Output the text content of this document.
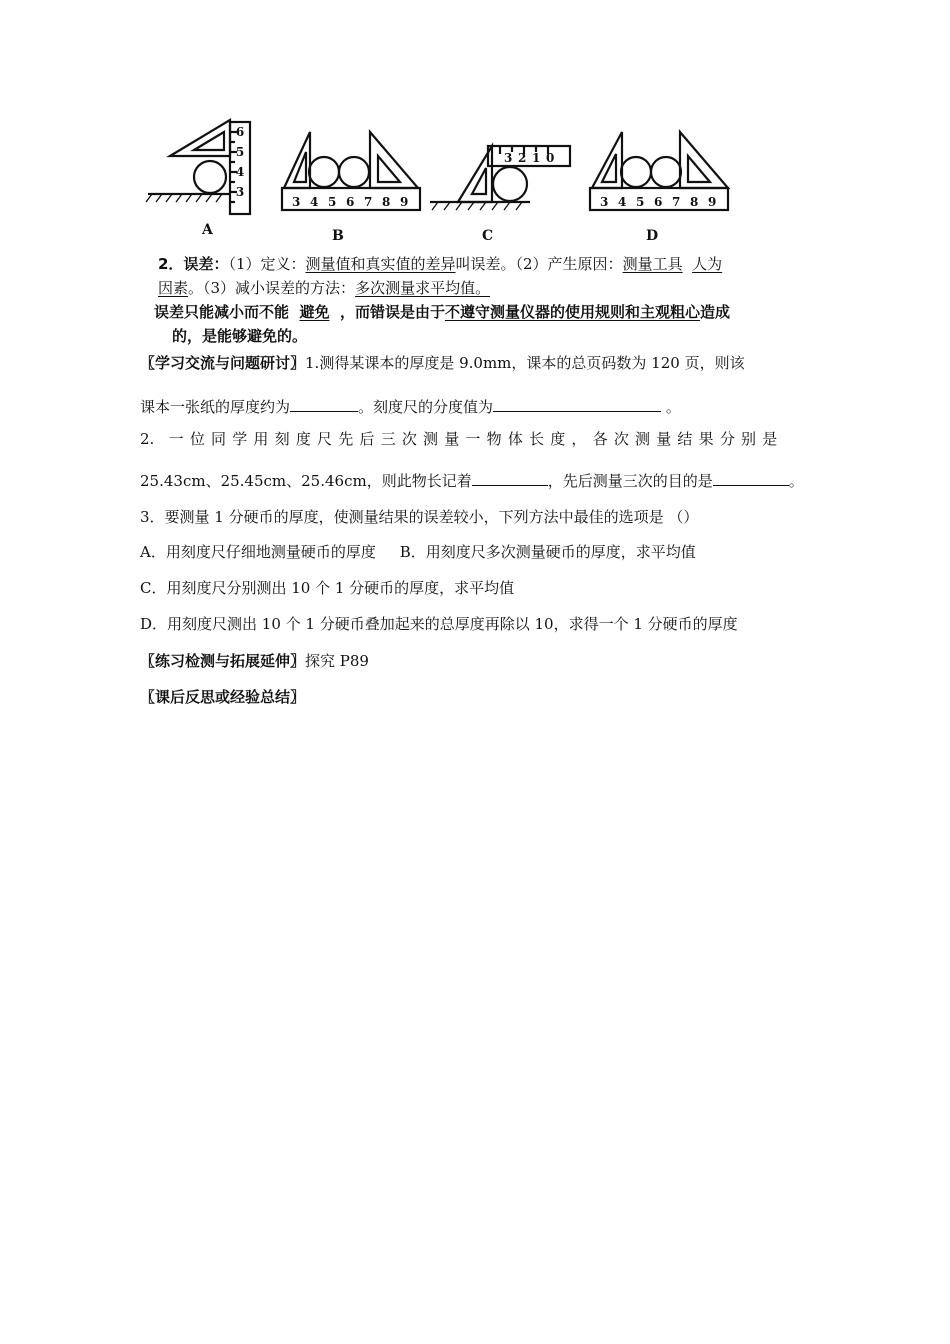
3
4
5
6
3 4 5 6 7 8 9
3 2 1 0
3 4 5 6 7 8 9
A	B	C	D
2．误差：（1）定义：测量值和真实值的差异叫误差。（2）产生原因：测量工具 人为
因素。（3）减小误差的方法：多次测量求平均值。
误差只能减小而不能 避免 ，而错误是由于不遵守测量仪器的使用规则和主观粗心造成
的，是能够避免的。
〖学习交流与问题研讨〗1.测得某课本的厚度是 9.0mm，课本的总页码数为 120 页，则该
课本一张纸的厚度约为	。刻度尺的分度值为	。
2. 一位同学用刻度尺先后三次测量一物体长度，各次测量结果分别是
25.43cm、25.45cm、25.46cm，则此物长记着	，先后测量三次的目的是	。
3．要测量 1 分硬币的厚度，使测量结果的误差较小，下列方法中最佳的选项是 （）
A．用刻度尺仔细地测量硬币的厚度 B．用刻度尺多次测量硬币的厚度，求平均值
C．用刻度尺分别测出 10 个 1 分硬币的厚度，求平均值
D．用刻度尺测出 10 个 1 分硬币叠加起来的总厚度再除以 10，求得一个 1 分硬币的厚度
〖练习检测与拓展延伸〗探究 P89
〖课后反思或经验总结〗
